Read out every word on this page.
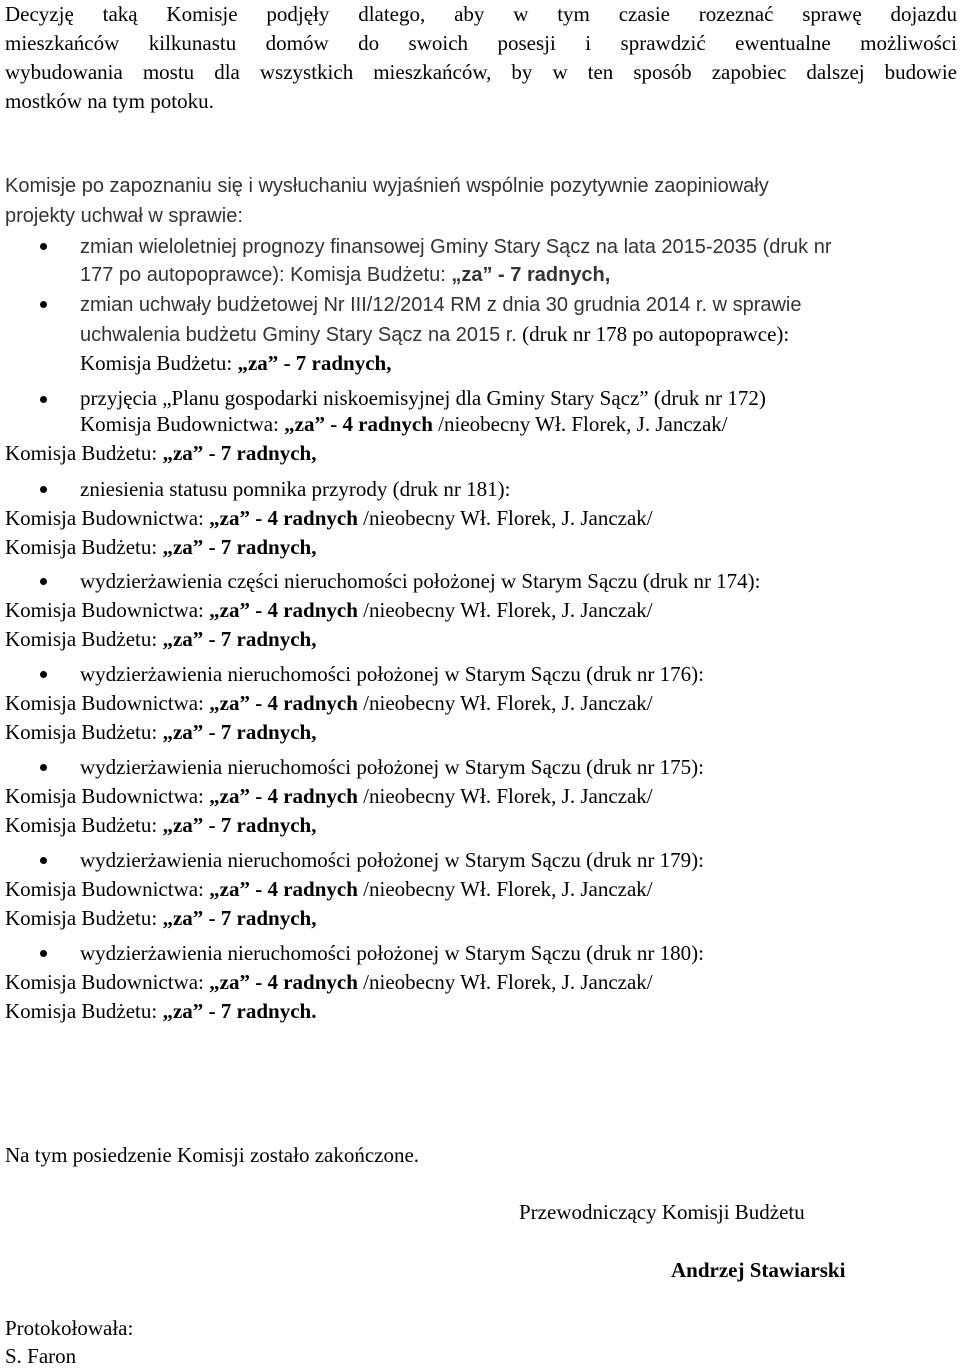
Decyzję taką Komisje podjęły dlatego, aby w tym czasie rozeznać sprawę dojazdu
mieszkańców kilkunastu domów do swoich posesji i sprawdzić ewentualne możliwości
wybudowania mostu dla wszystkich mieszkańców, by w ten sposób zapobiec dalszej budowie
mostków na tym potoku.
Komisje po zapoznaniu się i wysłuchaniu wyjaśnień wspólnie pozytywnie zaopiniowały
projekty uchwał w sprawie:
zmian wieloletniej prognozy finansowej Gminy Stary Sącz na lata 2015-2035 (druk nr
177 po autopoprawce): Komisja Budżetu: „za” - 7 radnych,
zmian uchwały budżetowej Nr III/12/2014 RM z dnia 30 grudnia 2014 r. w sprawie
uchwalenia budżetu Gminy Stary Sącz na 2015 r. (druk nr 178 po autopoprawce):
Komisja Budżetu: „za” - 7 radnych,
przyjęcia „Planu gospodarki niskoemisyjnej dla Gminy Stary Sącz” (druk nr 172)
Komisja Budownictwa: „za” - 4 radnych /nieobecny Wł. Florek, J. Janczak/
Komisja Budżetu: „za” - 7 radnych,
zniesienia statusu pomnika przyrody (druk nr 181):
Komisja Budownictwa: „za” - 4 radnych /nieobecny Wł. Florek, J. Janczak/
Komisja Budżetu: „za” - 7 radnych,
wydzierżawienia części nieruchomości położonej w Starym Sączu (druk nr 174):
Komisja Budownictwa: „za” - 4 radnych /nieobecny Wł. Florek, J. Janczak/
Komisja Budżetu: „za” - 7 radnych,
wydzierżawienia nieruchomości położonej w Starym Sączu (druk nr 176):
Komisja Budownictwa: „za” - 4 radnych /nieobecny Wł. Florek, J. Janczak/
Komisja Budżetu: „za” - 7 radnych,
wydzierżawienia nieruchomości położonej w Starym Sączu (druk nr 175):
Komisja Budownictwa: „za” - 4 radnych /nieobecny Wł. Florek, J. Janczak/
Komisja Budżetu: „za” - 7 radnych,
wydzierżawienia nieruchomości położonej w Starym Sączu (druk nr 179):
Komisja Budownictwa: „za” - 4 radnych /nieobecny Wł. Florek, J. Janczak/
Komisja Budżetu: „za” - 7 radnych,
wydzierżawienia nieruchomości położonej w Starym Sączu (druk nr 180):
Komisja Budownictwa: „za” - 4 radnych /nieobecny Wł. Florek, J. Janczak/
Komisja Budżetu: „za” - 7 radnych.
Na tym posiedzenie Komisji zostało zakończone.
Przewodniczący Komisji Budżetu
Andrzej Stawiarski
Protokołowała:
S. Faron
